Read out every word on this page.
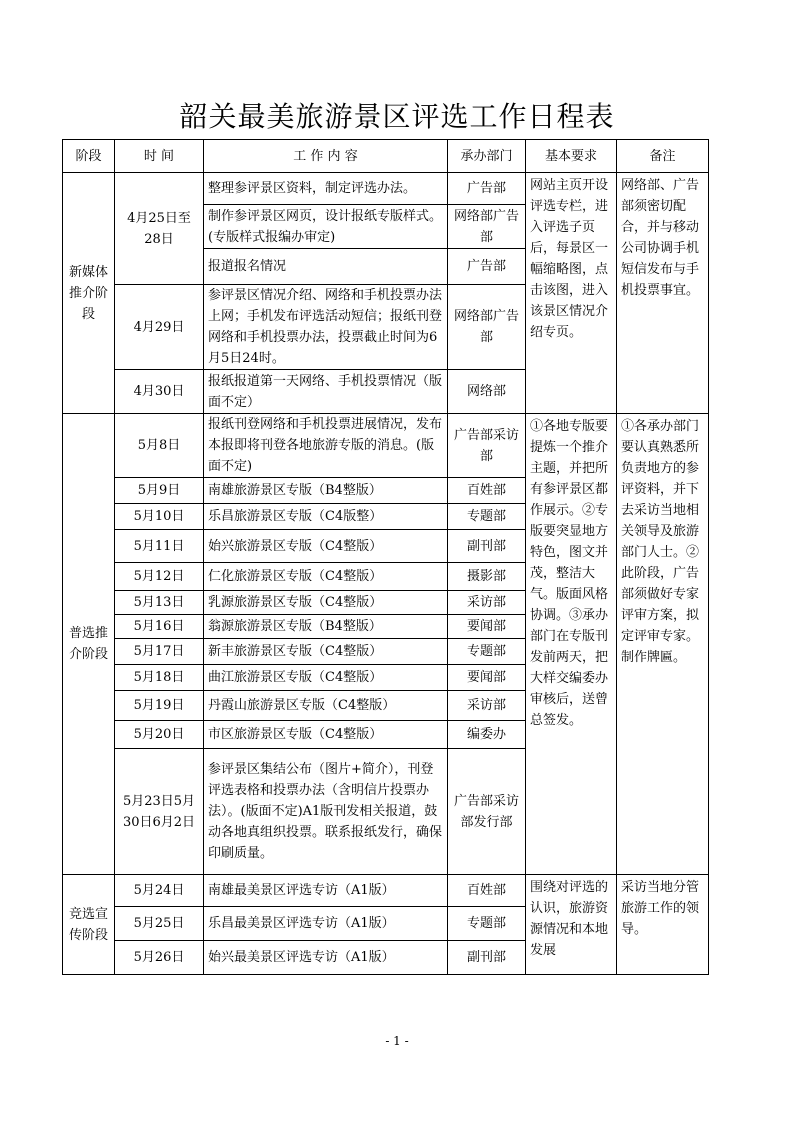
韶关最美旅游景区评选工作日程表
阶段	时 间	工 作 内 容	承办部门	基本要求	备注
新媒体推介阶段	4月25日至28日	整理参评景区资料，制定评选办法。	广告部	网站主页开设评选专栏，进入评选子页后，每景区一幅缩略图，点击该图，进入该景区情况介绍专页。	网络部、广告部须密切配合，并与移动公司协调手机短信发布与手机投票事宜。
		制作参评景区网页，设计报纸专版样式。(专版样式报编办审定)	网络部广告部		
		报道报名情况	广告部		
	4月29日	参评景区情况介绍、网络和手机投票办法上网；手机发布评选活动短信；报纸刊登网络和手机投票办法，投票截止时间为6月5日24时。	网络部广告部		
	4月30日	报纸报道第一天网络、手机投票情况（版面不定）	网络部		
普选推介阶段	5月8日	报纸刊登网络和手机投票进展情况，发布本报即将刊登各地旅游专版的消息。(版面不定)	广告部采访部	①各地专版要提炼一个推介主题，并把所有参评景区都作展示。②专版要突显地方特色，图文并茂，整洁大气。版面风格协调。③承办部门在专版刊发前两天，把大样交编委办审核后，送曾总签发。	①各承办部门要认真熟悉所负责地方的参评资料，并下去采访当地相关领导及旅游部门人士。②此阶段，广告部须做好专家评审方案，拟定评审专家。制作牌匾。
	5月9日	南雄旅游景区专版（B4整版）	百姓部		
	5月10日	乐昌旅游景区专版（C4版整）	专题部		
	5月11日	始兴旅游景区专版（C4整版）	副刊部		
	5月12日	仁化旅游景区专版（C4整版）	摄影部		
	5月13日	乳源旅游景区专版（C4整版）	采访部		
	5月16日	翁源旅游景区专版（B4整版）	要闻部		
	5月17日	新丰旅游景区专版（C4整版）	专题部		
	5月18日	曲江旅游景区专版（C4整版）	要闻部		
	5月19日	丹霞山旅游景区专版（C4整版）	采访部		
	5月20日	市区旅游景区专版（C4整版）	编委办		
	5月23日5月30日6月2日	参评景区集结公布（图片+简介），刊登评选表格和投票办法（含明信片投票办法）。(版面不定)A1版刊发相关报道，鼓动各地真组织投票。联系报纸发行，确保印刷质量。	广告部采访部发行部		
竞选宣传阶段	5月24日	南雄最美景区评选专访（A1版）	百姓部	围绕对评选的认识，旅游资源情况和本地发展	采访当地分管旅游工作的领导。
	5月25日	乐昌最美景区评选专访（A1版）	专题部		
	5月26日	始兴最美景区评选专访（A1版）	副刊部		
- 1 -
